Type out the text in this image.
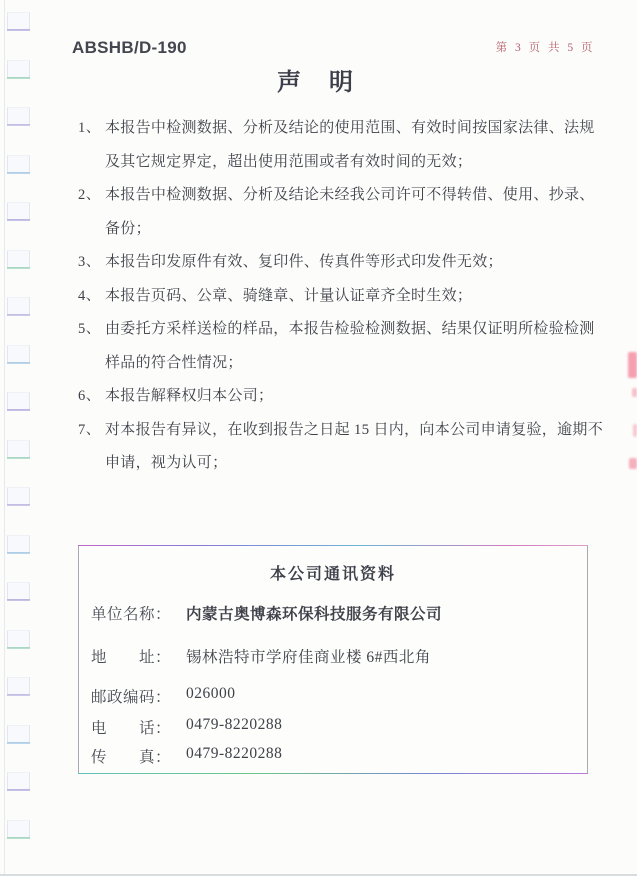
ABSHB/D-190	第 3 页 共 5 页
声　明
1、 本报告中检测数据、分析及结论的使用范围、有效时间按国家法律、法规
及其它规定界定，超出使用范围或者有效时间的无效；
2、 本报告中检测数据、分析及结论未经我公司许可不得转借、使用、抄录、
备份；
3、 本报告印发原件有效、复印件、传真件等形式印发件无效；
4、 本报告页码、公章、骑缝章、计量认证章齐全时生效；
5、 由委托方采样送检的样品，本报告检验检测数据、结果仅证明所检验检测
样品的符合性情况；
6、 本报告解释权归本公司；
7、 对本报告有异议，在收到报告之日起 15 日内，向本公司申请复验，逾期不
申请，视为认可；
本公司通讯资料
单位名称： 内蒙古奥博森环保科技服务有限公司
地　　址： 锡林浩特市学府佳商业楼 6#西北角
邮政编码： 026000
电　　话： 0479-8220288
传　　真： 0479-8220288
